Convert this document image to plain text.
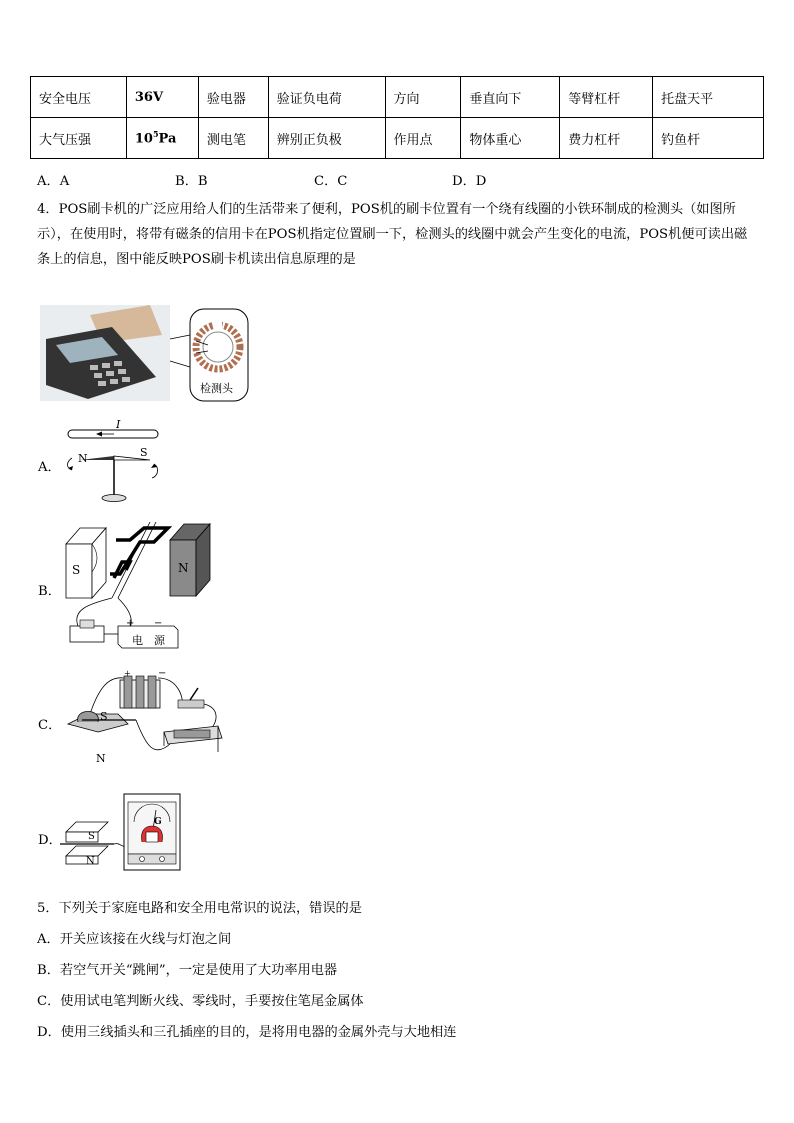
安全电压	36V	验电器	验证负电荷	方向	垂直向下	等臂杠杆	托盘天平
大气压强	$10^5Pa$	测电笔	辨别正负极	作用点	物体重心	费力杠杆	钓鱼杆
A．A	B．B	C．C	D．D
4．POS刷卡机的广泛应用给人们的生活带来了便利，POS机的刷卡位置有一个绕有线圈的小铁环制成的检测头（如图所示），在使用时，将带有磁条的信用卡在POS机指定位置刷一下，检测头的线圈中就会产生变化的电流，POS机便可读出磁条上的信息，图中能反映POS刷卡机读出信息原理的是
检测头
A．
I
N	S
B．
S	N
电　源
+ −
C．
+	−
S
N
D．	S
N
G
5．下列关于家庭电路和安全用电常识的说法，错误的是
A．开关应该接在火线与灯泡之间
B．若空气开关“跳闸”，一定是使用了大功率用电器
C．使用试电笔判断火线、零线时，手要按住笔尾金属体
D．使用三线插头和三孔插座的目的，是将用电器的金属外壳与大地相连
